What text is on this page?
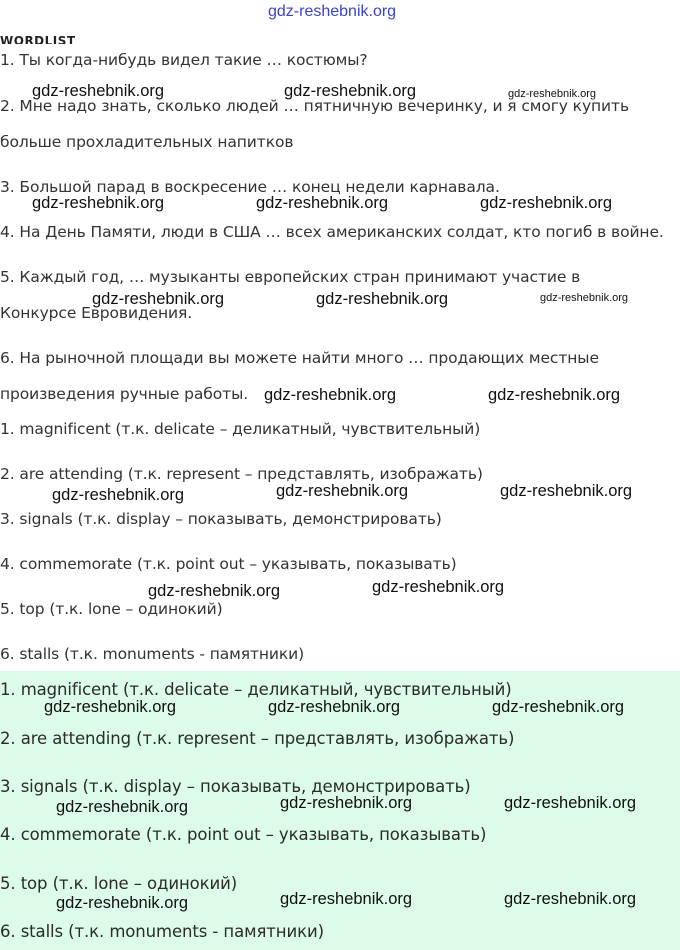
gdz-reshebnik.org
WORDLIST
1. Ты когда-нибудь видел такие … костюмы?
2. Мне надо знать, сколько людей … пятничную вечеринку, и я смогу купить
больше прохладительных напитков
3. Большой парад в воскресение … конец недели карнавала.
4. На День Памяти, люди в США … всех американских солдат, кто погиб в войне.
5. Каждый год, … музыканты европейских стран принимают участие в
Конкурсе Евровидения.
6. На рыночной площади вы можете найти много … продающих местные
произведения ручные работы.
1. magnificent (т.к. delicate – деликатный, чувствительный)
2. are attending (т.к. represent – представлять, изображать)
3. signals (т.к. display – показывать, демонстрировать)
4. commemorate (т.к. point out – указывать, показывать)
5. top (т.к. lone – одинокий)
6. stalls (т.к. monuments - памятники)
1. magnificent (т.к. delicate – деликатный, чувствительный)
2. are attending (т.к. represent – представлять, изображать)
3. signals (т.к. display – показывать, демонстрировать)
4. commemorate (т.к. point out – указывать, показывать)
5. top (т.к. lone – одинокий)
6. stalls (т.к. monuments - памятники)
gdz-reshebnik.org	gdz-reshebnik.org	gdz-reshebnik.org
gdz-reshebnik.org	gdz-reshebnik.org	gdz-reshebnik.org
gdz-reshebnik.org	gdz-reshebnik.org	gdz-reshebnik.org
gdz-reshebnik.org	gdz-reshebnik.org
gdz-reshebnik.org	gdz-reshebnik.org	gdz-reshebnik.org
gdz-reshebnik.org	gdz-reshebnik.org
gdz-reshebnik.org	gdz-reshebnik.org	gdz-reshebnik.org
gdz-reshebnik.org	gdz-reshebnik.org	gdz-reshebnik.org
gdz-reshebnik.org	gdz-reshebnik.org	gdz-reshebnik.org
